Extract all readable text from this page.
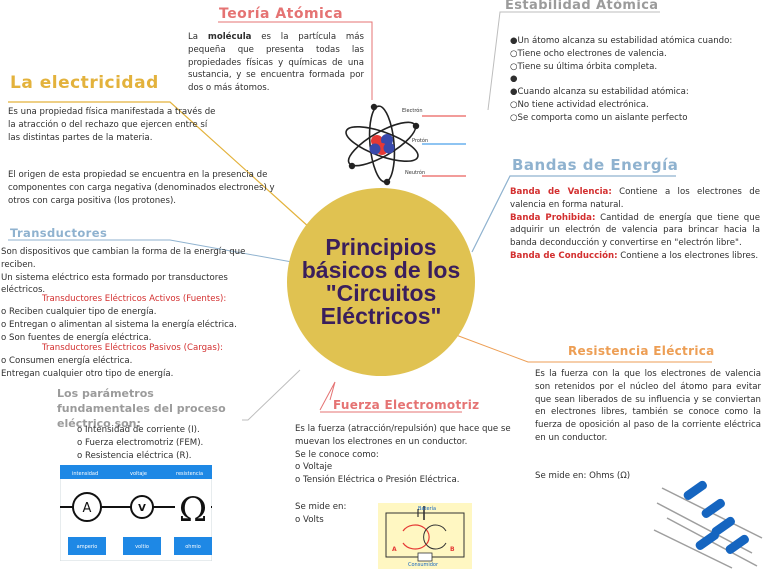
Principios
básicos de los
"Circuitos
Eléctricos"
Teoría Atómica
La molécula es la partícula más pequeña que presenta todas las propiedades físicas y químicas de una sustancia, y se encuentra formada por dos o más átomos.
Electrón
Protón
Neutrón
Estabilidad Atómica
●Un átomo alcanza su estabilidad atómica cuando:
○Tiene ocho electrones de valencia.
○Tiene su última órbita completa.
●
●Cuando alcanza su estabilidad atómica:
○No tiene actividad electrónica.
○Se comporta como un aislante perfecto
La electricidad
Es una propiedad física manifestada a través de la atracción o del rechazo que ejercen entre sí las distintas partes de la materia.
El origen de esta propiedad se encuentra en la presencia de componentes con carga negativa (denominados electrones) y otros con carga positiva (los protones).
Bandas de Energía
Banda de Valencia: Contiene a los electrones de valencia en forma natural.
Banda Prohibida: Cantidad de energía que tiene que adquirir un electrón de valencia para brincar hacia la banda deconducción y convertirse en "electrón libre".
Banda de Conducción: Contiene a los electrones libres.
Transductores
Son dispositivos que cambian la forma de la energía que reciben.
Un sistema eléctrico esta formado por transductores eléctricos.
Transductores Eléctricos Activos (Fuentes):
o Reciben cualquier tipo de energía.
o Entregan o alimentan al sistema la energía eléctrica.
o Son fuentes de energía eléctrica.
Transductores Eléctricos Pasivos (Cargas):
o Consumen energía eléctrica.
Entregan cualquier otro tipo de energía.
Resistencia Eléctrica
Es la fuerza con la que los electrones de valencia son retenidos por el núcleo del átomo para evitar que sean liberados de su influencia y se conviertan en electrones libres, también se conoce como la fuerza de oposición al paso de la corriente eléctrica en un conductor.
Se mide en: Ohms (Ω)
Los parámetros fundamentales del proceso eléctrico son:
o Intensidad de corriente (I).
o Fuerza electromotriz (FEM).
o Resistencia eléctrica (R).
intensidad	voltaje	resistencia
A	V Ω
amperio	voltio	ohmio
Fuerza Electromotriz
Es la fuerza (atracción/repulsión) que hace que se muevan los electrones en un conductor.
Se le conoce como:
o Voltaje
o Tensión Eléctrica o Presión Eléctrica.
Se mide en:
o Volts
Batería
A	B
Consumidor
